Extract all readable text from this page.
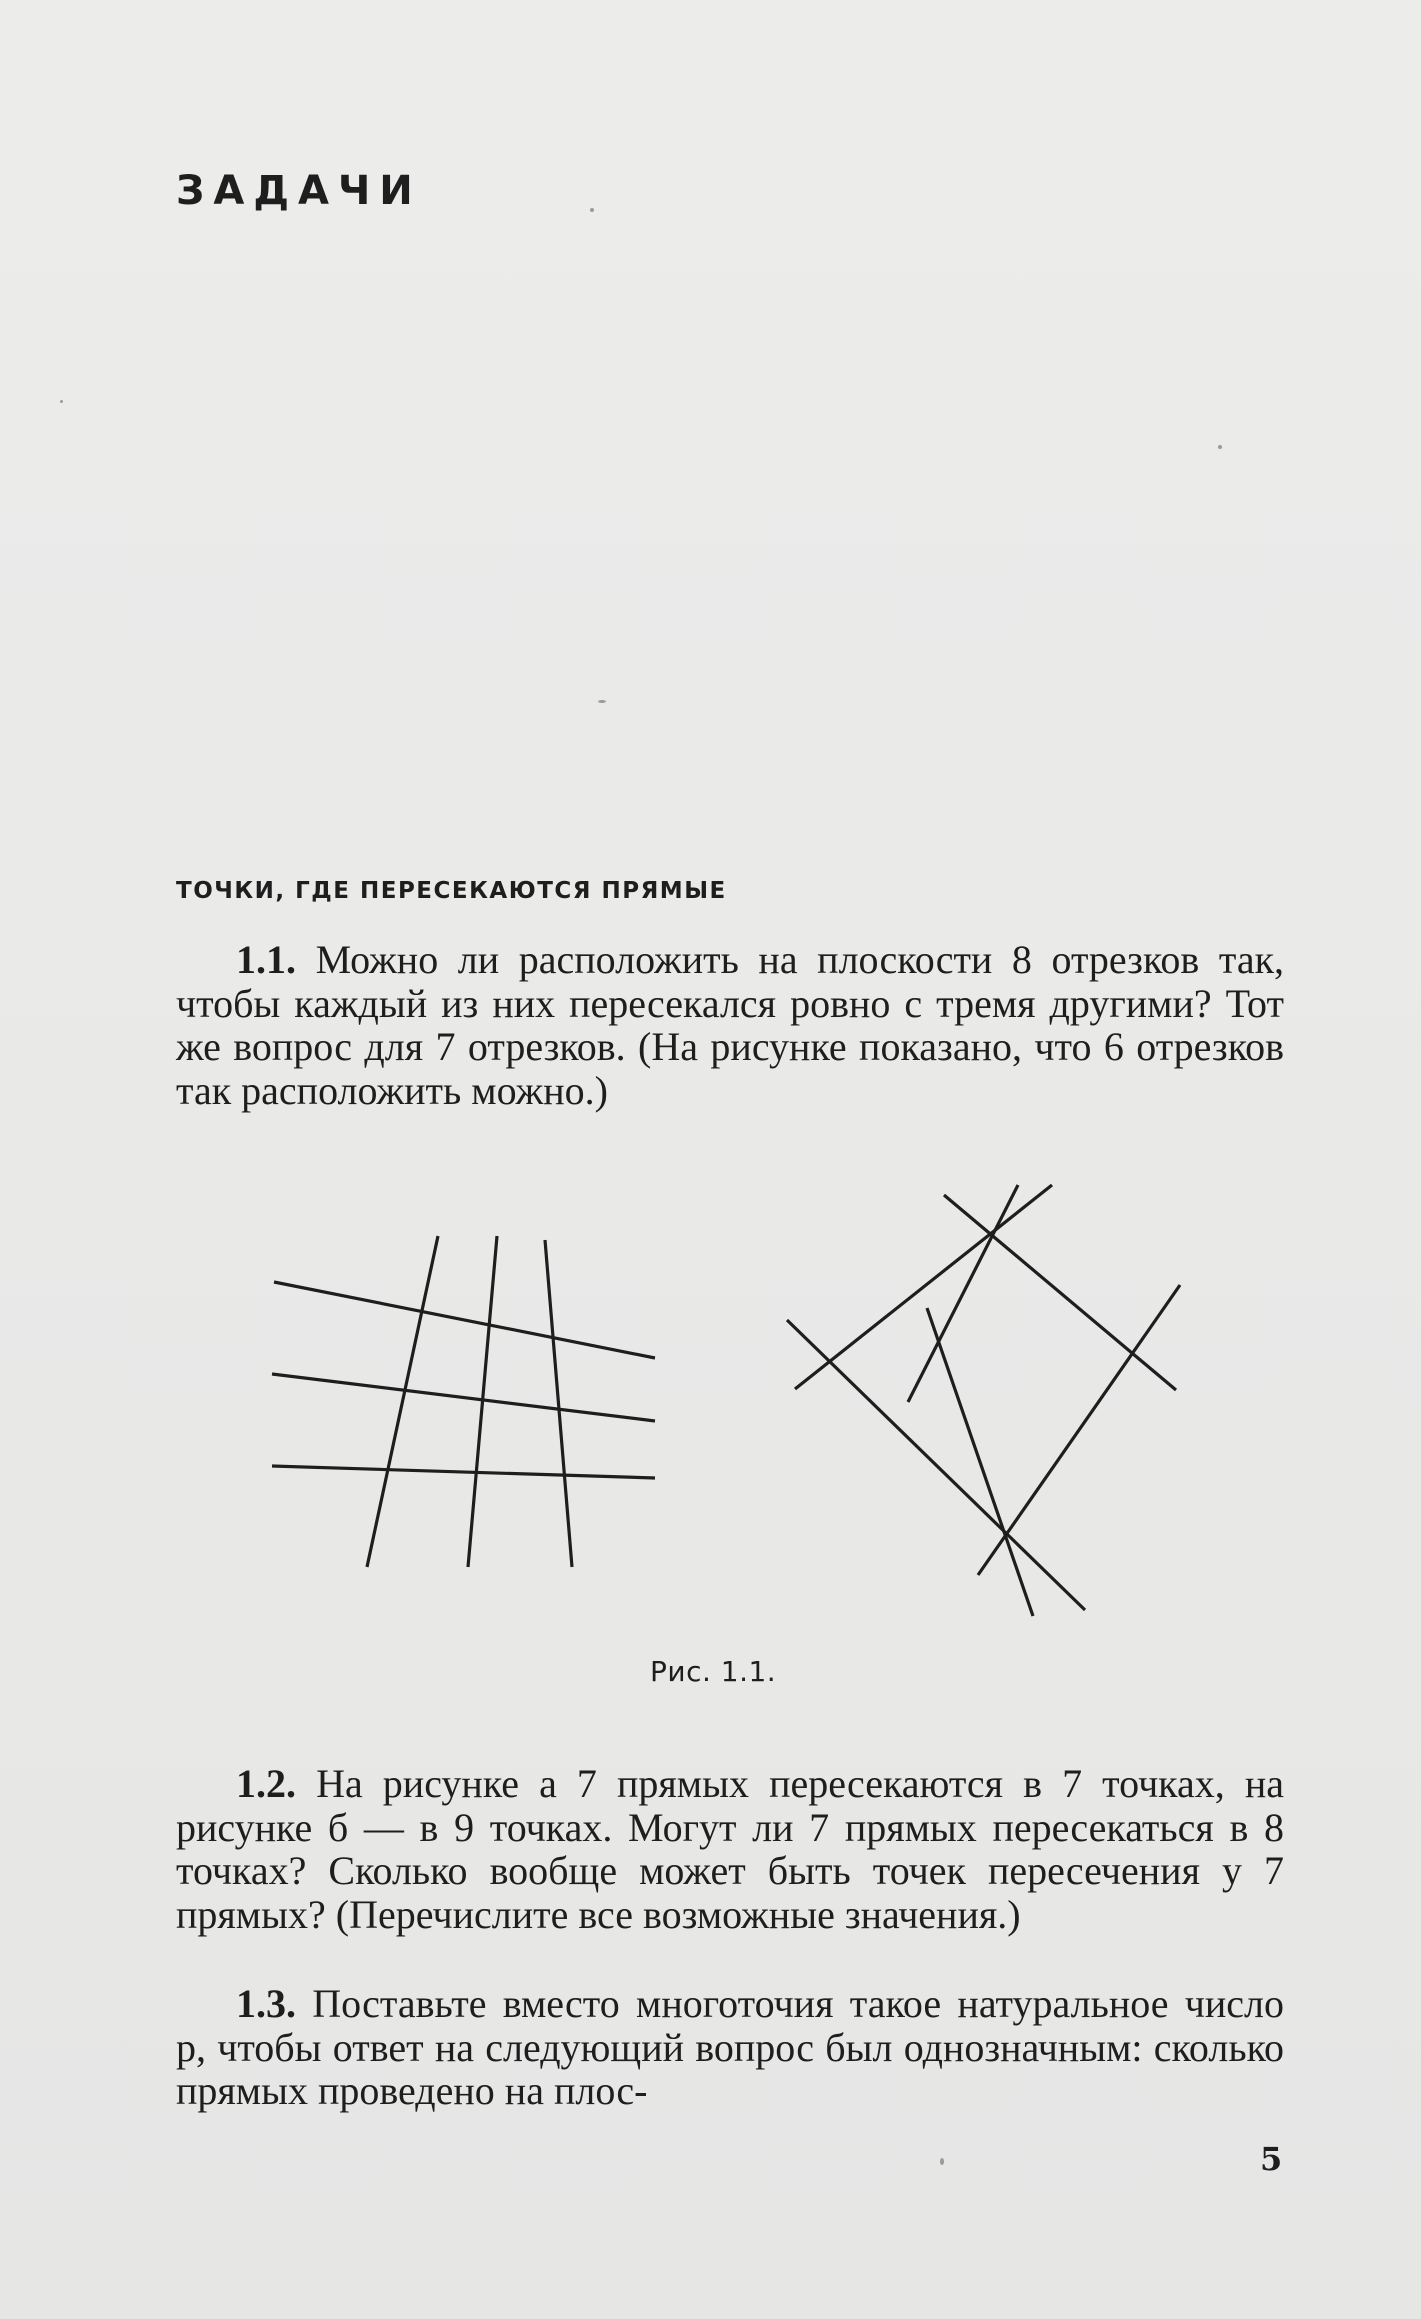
ЗАДАЧИ
ТОЧКИ, ГДЕ ПЕРЕСЕКАЮТСЯ ПРЯМЫЕ

1.1. Можно ли расположить на плоскости 8 отрезков так, чтобы каждый из них пересекался ровно с тремя другими? Тот же вопрос для 7 отрезков. (На рисунке показано, что 6 отрезков так расположить можно.)

Рис. 1.1.

1.2. На рисунке а 7 прямых пересекаются в 7 точках, на рисунке б — в 9 точках. Могут ли 7 прямых пересекаться в 8 точках? Сколько вообще может быть точек пересечения у 7 прямых? (Перечислите все возможные значения.)

1.3. Поставьте вместо многоточия такое натуральное число p, чтобы ответ на следующий вопрос был однозначным: сколько прямых проведено на плос-

5
